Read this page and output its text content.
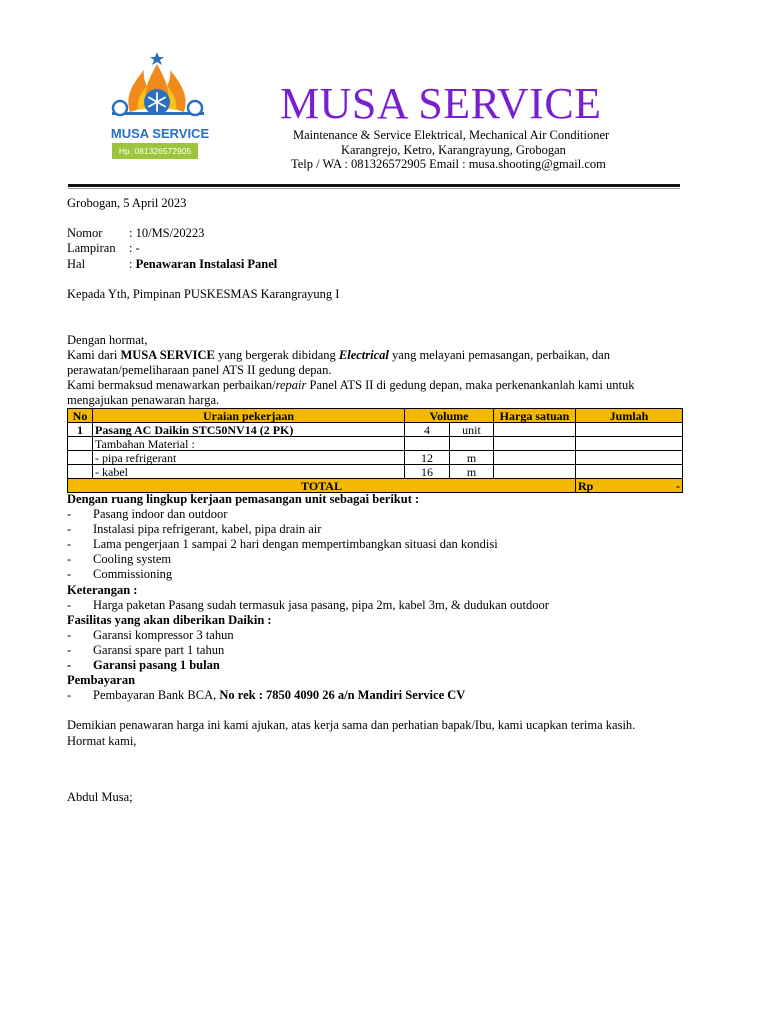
MUSA SERVICE
Hp. 081326572905
MUSA SERVICE
Maintenance & Service Elektrical, Mechanical Air Conditioner
Karangrejo, Ketro, Karangrayung, Grobogan
Telp / WA : 081326572905 Email : musa.shooting@gmail.com
Grobogan, 5 April 2023
Nomor : 10/MS/20223
Lampiran : -
Hal	: Penawaran Instalasi Panel
Kepada Yth, Pimpinan PUSKESMAS Karangrayung I
Dengan hormat,
Kami dari MUSA SERVICE yang bergerak dibidang Electrical yang melayani pemasangan, perbaikan, dan
perawatan/pemeliharaan panel ATS II gedung depan.
Kami bermaksud menawarkan perbaikan/repair Panel ATS II di gedung depan, maka perkenankanlah kami untuk
mengajukan penawaran harga.
No	Uraian pekerjaan	Volume		Harga satuan	Jumlah
1	Pasang AC Daikin STC50NV14 (2 PK)	4	unit		
	Tambahan Material :				
	- pipa refrigerant	12	m		
	- kabel	16	m		
TOTAL					Rp -
Dengan ruang lingkup kerjaan pemasangan unit sebagai berikut :
- Pasang indoor dan outdoor
- Instalasi pipa refrigerant, kabel, pipa drain air
- Lama pengerjaan 1 sampai 2 hari dengan mempertimbangkan situasi dan kondisi
- Cooling system
- Commissioning
Keterangan :
- Harga paketan Pasang sudah termasuk jasa pasang, pipa 2m, kabel 3m, & dudukan outdoor
Fasilitas yang akan diberikan Daikin :
- Garansi kompressor 3 tahun
- Garansi spare part 1 tahun
- Garansi pasang 1 bulan
Pembayaran
- Pembayaran Bank BCA, No rek : 7850 4090 26 a/n Mandiri Service CV
Demikian penawaran harga ini kami ajukan, atas kerja sama dan perhatian bapak/Ibu, kami ucapkan terima kasih.
Hormat kami,
Abdul Musa;
